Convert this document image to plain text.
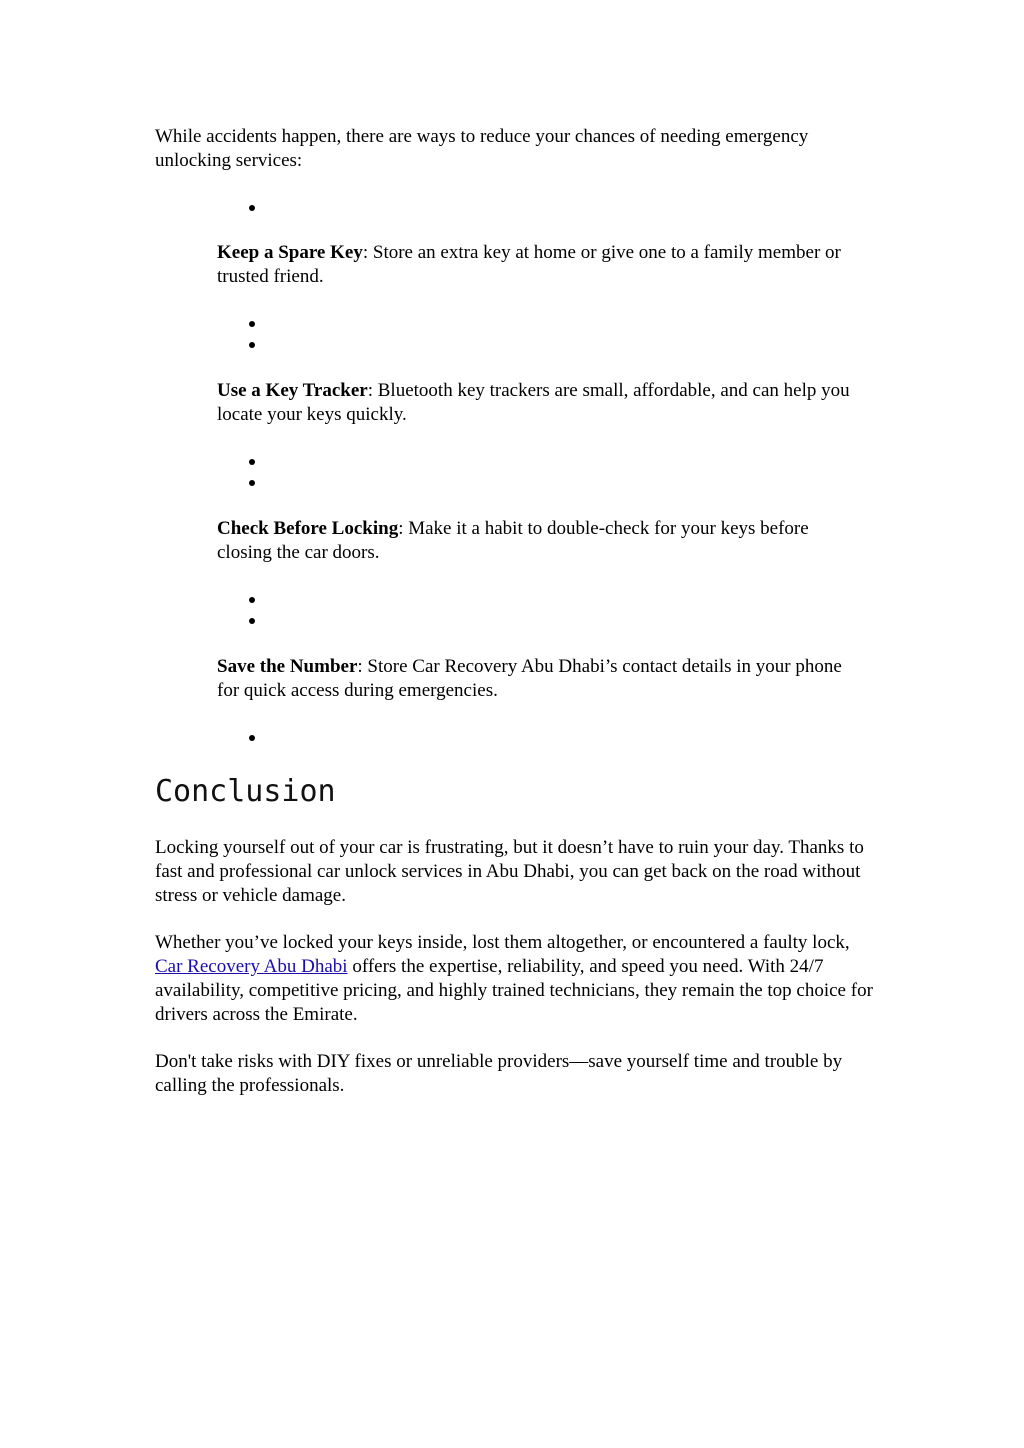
While accidents happen, there are ways to reduce your chances of needing emergency unlocking services:

Keep a Spare Key: Store an extra key at home or give one to a family member or trusted friend.

Use a Key Tracker: Bluetooth key trackers are small, affordable, and can help you locate your keys quickly.

Check Before Locking: Make it a habit to double-check for your keys before closing the car doors.

Save the Number: Store Car Recovery Abu Dhabi’s contact details in your phone for quick access during emergencies.

Conclusion

Locking yourself out of your car is frustrating, but it doesn’t have to ruin your day. Thanks to fast and professional car unlock services in Abu Dhabi, you can get back on the road without stress or vehicle damage.

Whether you’ve locked your keys inside, lost them altogether, or encountered a faulty lock, Car Recovery Abu Dhabi offers the expertise, reliability, and speed you need. With 24/7 availability, competitive pricing, and highly trained technicians, they remain the top choice for drivers across the Emirate.

Don't take risks with DIY fixes or unreliable providers—save yourself time and trouble by calling the professionals.
